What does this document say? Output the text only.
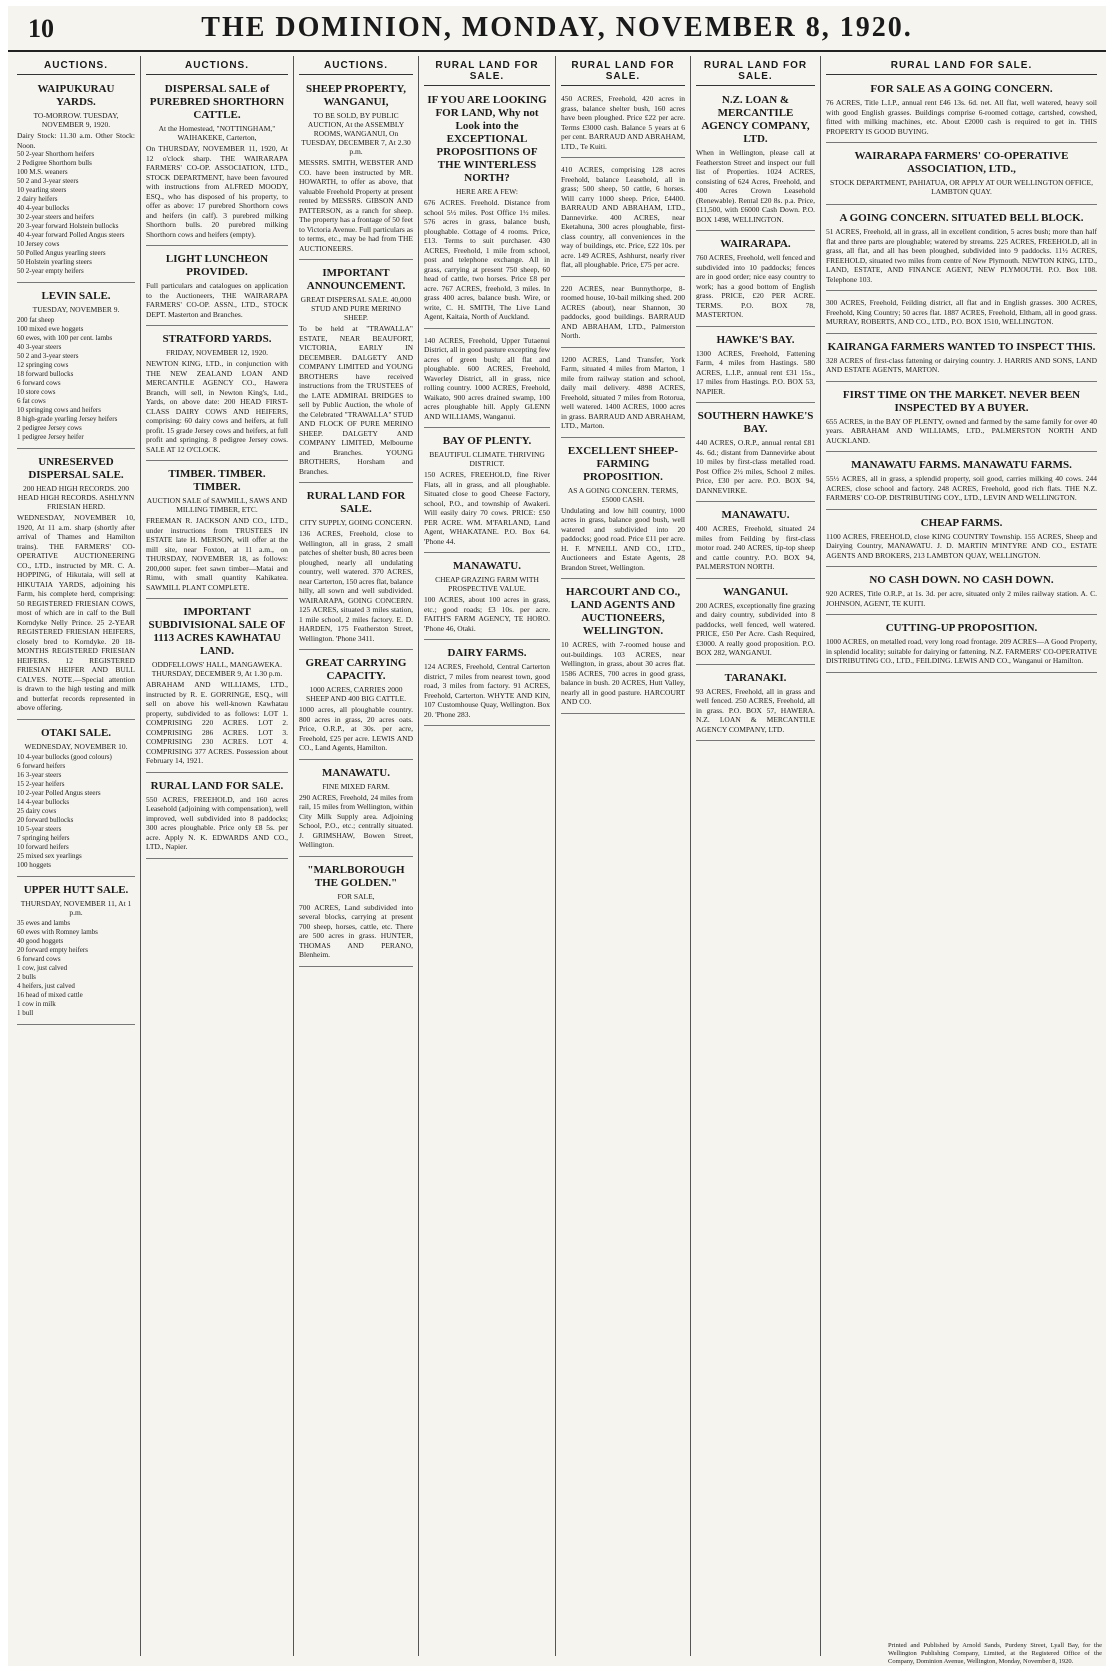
10	THE DOMINION, MONDAY, NOVEMBER 8, 1920.
AUCTIONS.
WAIPUKURAU YARDS.
TO-MORROW. TUESDAY, NOVEMBER 9, 1920.
Dairy Stock: 11.30 a.m. Other Stock: Noon.
50 2-year Shorthorn heifers
2 Pedigree Shorthorn bulls
100 M.S. weaners
50 2 and 3-year steers
10 yearling steers
2 dairy heifers
40 4-year bullocks
30 2-year steers and heifers
20 3-year forward Holstein bullocks
40 4-year forward Polled Angus steers
10 Jersey cows
50 Polled Angus yearling steers
50 Holstein yearling steers
50 2-year empty heifers
LEVIN SALE.
TUESDAY, NOVEMBER 9.
200 fat sheep
100 mixed ewe hoggets
60 ewes, with 100 per cent. lambs
40 3-year steers
50 2 and 3-year steers
12 springing cows
18 forward bullocks
6 forward cows
10 store cows
6 fat cows
10 springing cows and heifers
8 high-grade yearling Jersey heifers
2 pedigree Jersey cows
1 pedigree Jersey heifer
UNRESERVED DISPERSAL SALE.
200 HEAD HIGH RECORDS. 200 HEAD HIGH RECORDS. ASHLYNN FRIESIAN HERD.
WEDNESDAY, NOVEMBER 10, 1920, At 11 a.m. sharp (shortly after arrival of Thames and Hamilton trains). THE FARMERS' CO-OPERATIVE AUCTIONEERING CO., LTD., instructed by MR. C. A. HOPPING, of Hikutaia, will sell at HIKUTAIA YARDS, adjoining his Farm, his complete herd, comprising: 50 REGISTERED FRIESIAN COWS, most of which are in calf to the Bull Korndyke Nelly Prince. 25 2-YEAR REGISTERED FRIESIAN HEIFERS, closely bred to Korndyke. 20 18-MONTHS REGISTERED FRIESIAN HEIFERS. 12 REGISTERED FRIESIAN HEIFER AND BULL CALVES. NOTE.—Special attention is drawn to the high testing and milk and butterfat records represented in above offering.
OTAKI SALE.
WEDNESDAY, NOVEMBER 10.
10 4-year bullocks (good colours)
6 forward heifers
16 3-year steers
15 2-year heifers
10 2-year Polled Angus steers
14 4-year bullocks
25 dairy cows
20 forward bullocks
10 5-year steers
7 springing heifers
10 forward heifers
25 mixed sex yearlings
100 hoggets
UPPER HUTT SALE.
THURSDAY, NOVEMBER 11, At 1 p.m.
35 ewes and lambs
60 ewes with Romney lambs
40 good hoggets
20 forward empty heifers
6 forward cows
1 cow, just calved
2 bulls
4 heifers, just calved
16 head of mixed cattle
1 cow in milk
1 bull
AUCTIONS.
DISPERSAL SALE of PUREBRED SHORTHORN CATTLE.
At the Homestead, "NOTTINGHAM," WAIHAKEKE, Carterton,
On THURSDAY, NOVEMBER 11, 1920, At 12 o'clock sharp. THE WAIRARAPA FARMERS' CO-OP. ASSOCIATION, LTD., STOCK DEPARTMENT, have been favoured with instructions from ALFRED MOODY, ESQ., who has disposed of his property, to offer as above: 17 purebred Shorthorn cows and heifers (in calf). 3 purebred milking Shorthorn bulls. 20 purebred milking Shorthorn cows and heifers (empty).
LIGHT LUNCHEON PROVIDED.
Full particulars and catalogues on application to the Auctioneers, THE WAIRARAPA FARMERS' CO-OP. ASSN., LTD., STOCK DEPT. Masterton and Branches.
STRATFORD YARDS.
FRIDAY, NOVEMBER 12, 1920.
NEWTON KING, LTD., in conjunction with THE NEW ZEALAND LOAN AND MERCANTILE AGENCY CO., Hawera Branch, will sell, in Newton King's, Ltd., Yards, on above date: 200 HEAD FIRST-CLASS DAIRY COWS AND HEIFERS, comprising: 60 dairy cows and heifers, at full profit. 15 grade Jersey cows and heifers, at full profit and springing. 8 pedigree Jersey cows. SALE AT 12 O'CLOCK.
TIMBER. TIMBER. TIMBER.
AUCTION SALE of SAWMILL, SAWS AND MILLING TIMBER, ETC.
FREEMAN R. JACKSON AND CO., LTD., under instructions from TRUSTEES IN ESTATE late H. MERSON, will offer at the mill site, near Foxton, at 11 a.m., on THURSDAY, NOVEMBER 18, as follows: 200,000 super. feet sawn timber—Matai and Rimu, with small quantity Kahikatea. SAWMILL PLANT COMPLETE.
IMPORTANT SUBDIVISIONAL SALE OF 1113 ACRES KAWHATAU LAND.
ODDFELLOWS' HALL, MANGAWEKA. THURSDAY, DECEMBER 9, At 1.30 p.m.
ABRAHAM AND WILLIAMS, LTD., instructed by R. E. GORRINGE, ESQ., will sell on above his well-known Kawhatau property, subdivided to as follows: LOT 1. COMPRISING 220 ACRES. LOT 2. COMPRISING 286 ACRES. LOT 3. COMPRISING 230 ACRES. LOT 4. COMPRISING 377 ACRES. Possession about February 14, 1921.
RURAL LAND FOR SALE.
550 ACRES, FREEHOLD, and 160 acres Leasehold (adjoining with compensation), well improved, well subdivided into 8 paddocks; 300 acres ploughable. Price only £8 5s. per acre. Apply N. K. EDWARDS AND CO., LTD., Napier.
AUCTIONS.
SHEEP PROPERTY, WANGANUI,
TO BE SOLD, BY PUBLIC AUCTION, At the ASSEMBLY ROOMS, WANGANUI, On TUESDAY, DECEMBER 7, At 2.30 p.m.
MESSRS. SMITH, WEBSTER AND CO. have been instructed by MR. HOWARTH, to offer as above, that valuable Freehold Property at present rented by MESSRS. GIBSON AND PATTERSON, as a ranch for sheep. The property has a frontage of 50 feet to Victoria Avenue. Full particulars as to terms, etc., may be had from THE AUCTIONEERS.
IMPORTANT ANNOUNCEMENT.
GREAT DISPERSAL SALE. 40,000 STUD AND PURE MERINO SHEEP.
To be held at "TRAWALLA" ESTATE, NEAR BEAUFORT, VICTORIA, EARLY IN DECEMBER. DALGETY AND COMPANY LIMITED and YOUNG BROTHERS have received instructions from the TRUSTEES of the LATE ADMIRAL BRIDGES to sell by Public Auction, the whole of the Celebrated "TRAWALLA" STUD AND FLOCK OF PURE MERINO SHEEP. DALGETY AND COMPANY LIMITED, Melbourne and Branches. YOUNG BROTHERS, Horsham and Branches.
RURAL LAND FOR SALE.
CITY SUPPLY, GOING CONCERN.
136 ACRES, Freehold, close to Wellington, all in grass, 2 small patches of shelter bush, 80 acres been ploughed, nearly all undulating country, well watered. 370 ACRES, near Carterton, 150 acres flat, balance hilly, all sown and well subdivided. WAIRARAPA, GOING CONCERN. 125 ACRES, situated 3 miles station, 1 mile school, 2 miles factory. E. D. HARDEN, 175 Featherston Street, Wellington. 'Phone 3411.
GREAT CARRYING CAPACITY.
1000 ACRES, CARRIES 2000 SHEEP AND 400 BIG CATTLE.
1000 acres, all ploughable country. 800 acres in grass, 20 acres oats. Price, O.R.P., at 30s. per acre, Freehold, £25 per acre. LEWIS AND CO., Land Agents, Hamilton.
MANAWATU.
FINE MIXED FARM.
290 ACRES, Freehold, 24 miles from rail, 15 miles from Wellington, within City Milk Supply area. Adjoining School, P.O., etc.; centrally situated. J. GRIMSHAW, Bowen Street, Wellington.
"MARLBOROUGH THE GOLDEN."
FOR SALE,
700 ACRES, Land subdivided into several blocks, carrying at present 700 sheep, horses, cattle, etc. There are 500 acres in grass. HUNTER, THOMAS AND PERANO, Blenheim.
RURAL LAND FOR SALE.
IF YOU ARE LOOKING FOR LAND, Why not Look into the EXCEPTIONAL PROPOSITIONS OF THE WINTERLESS NORTH?
HERE ARE A FEW:
676 ACRES. Freehold. Distance from school 5½ miles. Post Office 1½ miles. 576 acres in grass, balance bush, ploughable. Cottage of 4 rooms. Price, £13. Terms to suit purchaser. 430 ACRES, Freehold, 1 mile from school, post and telephone exchange. All in grass, carrying at present 750 sheep, 60 head of cattle, two horses. Price £8 per acre. 767 ACRES, freehold, 3 miles. In grass 400 acres, balance bush. Wire, or write, C. H. SMITH, The Live Land Agent, Kaitaia, North of Auckland.
140 ACRES, Freehold, Upper Tutaenui District, all in good pasture excepting few acres of green bush; all flat and ploughable. 600 ACRES, Freehold, Waverley District, all in grass, nice rolling country. 1000 ACRES, Freehold, Waikato, 900 acres drained swamp, 100 acres ploughable hill. Apply GLENN AND WILLIAMS, Wanganui.
BAY OF PLENTY.
BEAUTIFUL CLIMATE. THRIVING DISTRICT.
150 ACRES, FREEHOLD, fine River Flats, all in grass, and all ploughable. Situated close to good Cheese Factory, school, P.O., and township of Awakeri. Will easily dairy 70 cows. PRICE: £50 PER ACRE. WM. M'FARLAND, Land Agent, WHAKATANE. P.O. Box 64. 'Phone 44.
MANAWATU.
CHEAP GRAZING FARM WITH PROSPECTIVE VALUE.
100 ACRES, about 100 acres in grass, etc.; good roads; £3 10s. per acre. FAITH'S FARM AGENCY, TE HORO. 'Phone 46, Otaki.
DAIRY FARMS.
124 ACRES, Freehold, Central Carterton district, 7 miles from nearest town, good road, 3 miles from factory. 91 ACRES, Freehold, Carterton. WHYTE AND KIN, 107 Customhouse Quay, Wellington. Box 20. 'Phone 283.
RURAL LAND FOR SALE.
450 ACRES, Freehold, 420 acres in grass, balance shelter bush, 160 acres have been ploughed. Price £22 per acre. Terms £3000 cash. Balance 5 years at 6 per cent. BARRAUD AND ABRAHAM, LTD., Te Kuiti.
410 ACRES, comprising 128 acres Freehold, balance Leasehold, all in grass; 500 sheep, 50 cattle, 6 horses. Will carry 1000 sheep. Price, £4400. BARRAUD AND ABRAHAM, LTD., Dannevirke. 400 ACRES, near Eketahuna, 300 acres ploughable, first-class country, all conveniences in the way of buildings, etc. Price, £22 10s. per acre. 149 ACRES, Ashhurst, nearly river flat, all ploughable. Price, £75 per acre.
220 ACRES, near Bunnythorpe, 8-roomed house, 10-bail milking shed. 200 ACRES (about), near Shannon, 30 paddocks, good buildings. BARRAUD AND ABRAHAM, LTD., Palmerston North.
1200 ACRES, Land Transfer, York Farm, situated 4 miles from Marton, 1 mile from railway station and school, daily mail delivery. 4898 ACRES, Freehold, situated 7 miles from Rotorua, well watered. 1400 ACRES, 1000 acres in grass. BARRAUD AND ABRAHAM, LTD., Marton.
EXCELLENT SHEEP-FARMING PROPOSITION.
AS A GOING CONCERN. TERMS, £5000 CASH.
Undulating and low hill country, 1000 acres in grass, balance good bush, well watered and subdivided into 20 paddocks; good road. Price £11 per acre. H. F. M'NEILL AND CO., LTD., Auctioneers and Estate Agents, 28 Brandon Street, Wellington.
HARCOURT AND CO., LAND AGENTS AND AUCTIONEERS, WELLINGTON.
10 ACRES, with 7-roomed house and out-buildings. 103 ACRES, near Wellington, in grass, about 30 acres flat. 1586 ACRES, 700 acres in good grass, balance in bush. 20 ACRES, Hutt Valley, nearly all in good pasture. HARCOURT AND CO.
RURAL LAND FOR SALE.
N.Z. LOAN & MERCANTILE AGENCY COMPANY, LTD.
When in Wellington, please call at Featherston Street and inspect our full list of Properties. 1024 ACRES, consisting of 624 Acres, Freehold, and 400 Acres Crown Leasehold (Renewable). Rental £20 8s. p.a. Price, £11,500, with £6000 Cash Down. P.O. BOX 1498, WELLINGTON.
WAIRARAPA.
760 ACRES, Freehold, well fenced and subdivided into 10 paddocks; fences are in good order; nice easy country to work; has a good bottom of English grass. PRICE, £20 PER ACRE. TERMS. P.O. BOX 78, MASTERTON.
HAWKE'S BAY.
1300 ACRES, Freehold, Fattening Farm, 4 miles from Hastings. 580 ACRES, L.I.P., annual rent £31 15s., 17 miles from Hastings. P.O. BOX 53, NAPIER.
SOUTHERN HAWKE'S BAY.
440 ACRES, O.R.P., annual rental £81 4s. 6d.; distant from Dannevirke about 10 miles by first-class metalled road. Post Office 2½ miles, School 2 miles. Price, £30 per acre. P.O. BOX 94, DANNEVIRKE.
MANAWATU.
400 ACRES, Freehold, situated 24 miles from Feilding by first-class motor road. 240 ACRES, tip-top sheep and cattle country. P.O. BOX 94, PALMERSTON NORTH.
WANGANUI.
200 ACRES, exceptionally fine grazing and dairy country, subdivided into 8 paddocks, well fenced, well watered. PRICE, £50 Per Acre. Cash Required, £3000. A really good proposition. P.O. BOX 282, WANGANUI.
TARANAKI.
93 ACRES, Freehold, all in grass and well fenced. 250 ACRES, Freehold, all in grass. P.O. BOX 57, HAWERA. N.Z. LOAN & MERCANTILE AGENCY COMPANY, LTD.
RURAL LAND FOR SALE.
FOR SALE AS A GOING CONCERN.
76 ACRES, Title L.I.P., annual rent £46 13s. 6d. net. All flat, well watered, heavy soil with good English grasses. Buildings comprise 6-roomed cottage, cartshed, cowshed, fitted with milking machines, etc. About £2000 cash is required to get in. THIS PROPERTY IS GOOD BUYING.
WAIRARAPA FARMERS' CO-OPERATIVE ASSOCIATION, LTD.,
STOCK DEPARTMENT, PAHIATUA, OR APPLY AT OUR WELLINGTON OFFICE, LAMBTON QUAY.
A GOING CONCERN. SITUATED BELL BLOCK.
51 ACRES, Freehold, all in grass, all in excellent condition, 5 acres bush; more than half flat and three parts are ploughable; watered by streams. 225 ACRES, FREEHOLD, all in grass, all flat, and all has been ploughed, subdivided into 9 paddocks. 11½ ACRES, FREEHOLD, situated two miles from centre of New Plymouth. NEWTON KING, LTD., LAND, ESTATE, AND FINANCE AGENT, NEW PLYMOUTH. P.O. Box 108. Telephone 103.
300 ACRES, Freehold, Feilding district, all flat and in English grasses. 300 ACRES, Freehold, King Country; 50 acres flat. 1887 ACRES, Freehold, Eltham, all in good grass. MURRAY, ROBERTS, AND CO., LTD., P.O. BOX 1510, WELLINGTON.
KAIRANGA FARMERS WANTED TO INSPECT THIS.
328 ACRES of first-class fattening or dairying country. J. HARRIS AND SONS, LAND AND ESTATE AGENTS, MARTON.
FIRST TIME ON THE MARKET. NEVER BEEN INSPECTED BY A BUYER.
655 ACRES, in the BAY OF PLENTY, owned and farmed by the same family for over 40 years. ABRAHAM AND WILLIAMS, LTD., PALMERSTON NORTH AND AUCKLAND.
MANAWATU FARMS. MANAWATU FARMS.
55½ ACRES, all in grass, a splendid property, soil good, carries milking 40 cows. 244 ACRES, close school and factory. 248 ACRES, Freehold, good rich flats. THE N.Z. FARMERS' CO-OP. DISTRIBUTING COY., LTD., LEVIN AND WELLINGTON.
CHEAP FARMS.
1100 ACRES, FREEHOLD, close KING COUNTRY Township. 155 ACRES, Sheep and Dairying Country, MANAWATU. J. D. MARTIN M'INTYRE AND CO., ESTATE AGENTS AND BROKERS, 213 LAMBTON QUAY, WELLINGTON.
NO CASH DOWN. NO CASH DOWN.
920 ACRES, Title O.R.P., at 1s. 3d. per acre, situated only 2 miles railway station. A. C. JOHNSON, AGENT, TE KUITI.
CUTTING-UP PROPOSITION.
1000 ACRES, on metalled road, very long road frontage. 209 ACRES—A Good Property, in splendid locality; suitable for dairying or fattening. N.Z. FARMERS' CO-OPERATIVE DISTRIBUTING CO., LTD., FEILDING. LEWIS AND CO., Wanganui or Hamilton.
Printed and Published by Arnold Sands, Purdeny Street, Lyall Bay, for the Wellington Publishing Company, Limited, at the Registered Office of the Company, Dominion Avenue, Wellington, Monday, November 8, 1920.
